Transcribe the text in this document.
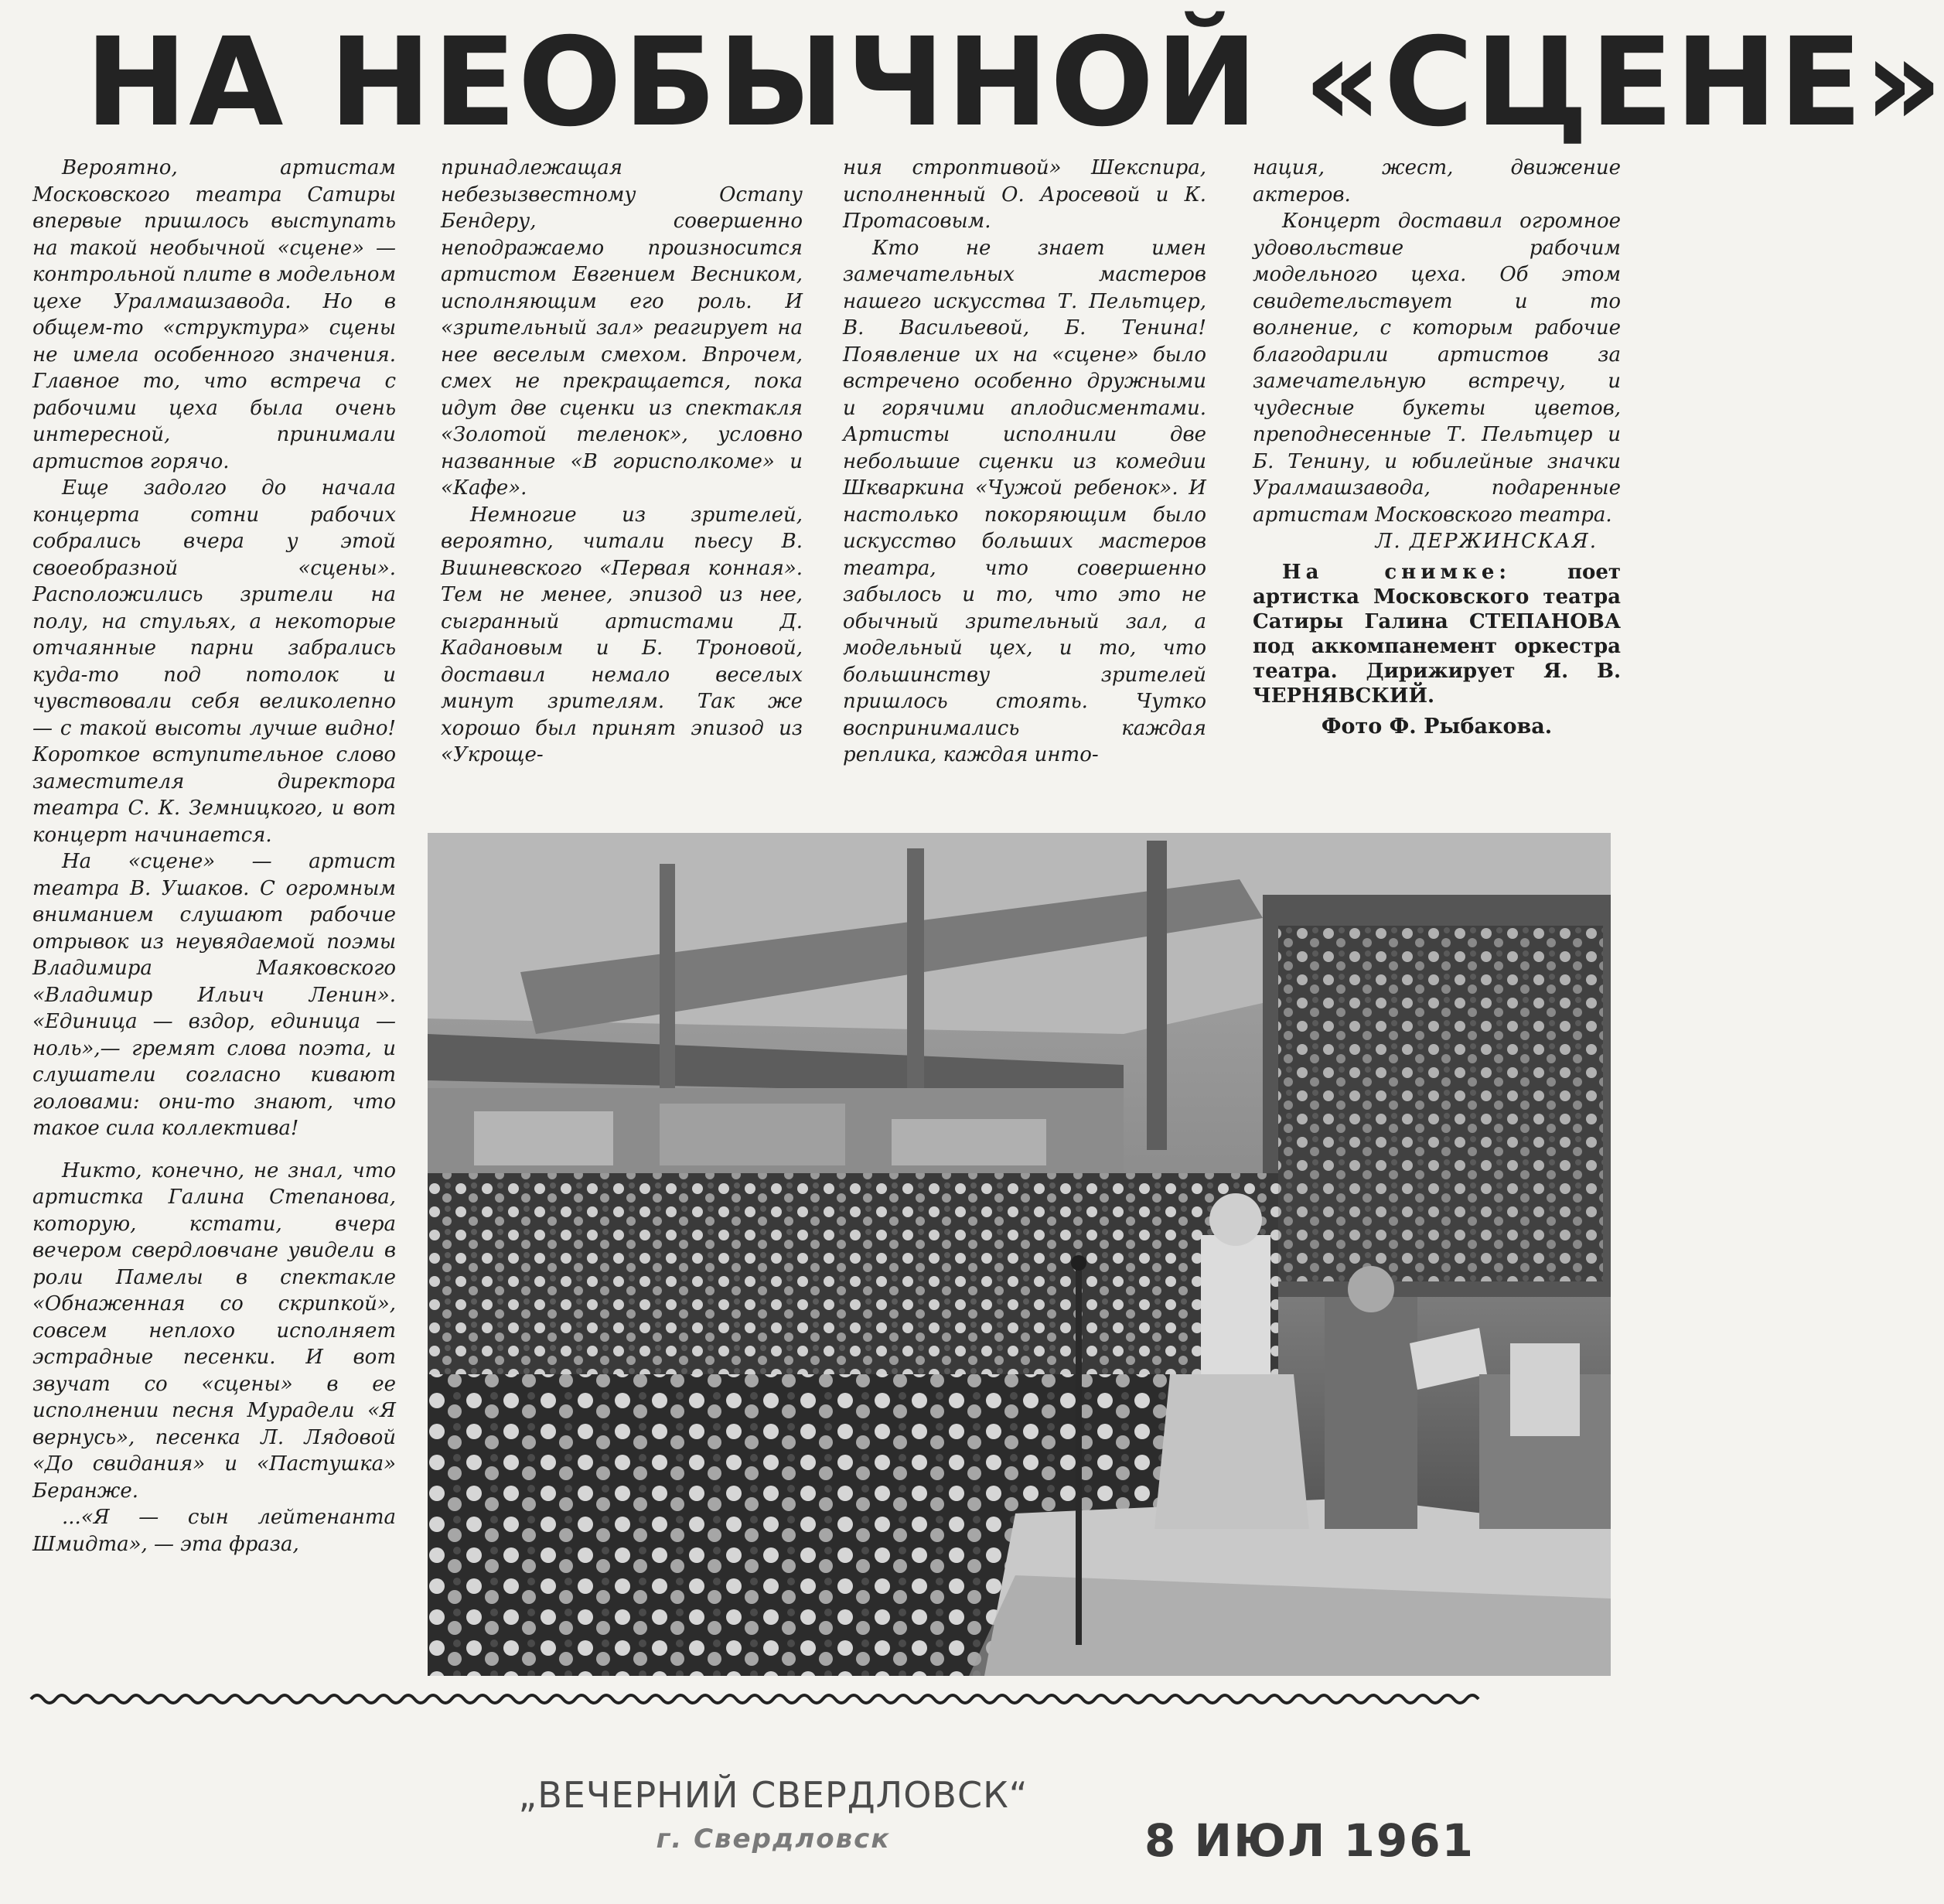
НА НЕОБЫЧНОЙ «СЦЕНЕ»

Вероятно, артистам Московского театра Сатиры впервые пришлось выступать на такой необычной «сцене» — контрольной плите в модельном цехе Уралмашзавода. Но в общем-то «структура» сцены не имела особенного значения. Главное то, что встреча с рабочими цеха была очень интересной, принимали артистов горячо.

Еще задолго до начала концерта сотни рабочих собрались вчера у этой своеобразной «сцены». Расположились зрители на полу, на стульях, а некоторые отчаянные парни забрались куда-то под потолок и чувствовали себя великолепно — с такой высоты лучше видно! Короткое вступительное слово заместителя директора театра С. К. Земницкого, и вот концерт начинается.

На «сцене» — артист театра В. Ушаков. С огромным вниманием слушают рабочие отрывок из неувядаемой поэмы Владимира Маяковского «Владимир Ильич Ленин». «Единица — вздор, единица — ноль»,— гремят слова поэта, и слушатели согласно кивают головами: они-то знают, что такое сила коллектива!

Никто, конечно, не знал, что артистка Галина Степанова, которую, кстати, вчера вечером свердловчане увидели в роли Памелы в спектакле «Обнаженная со скрипкой», совсем неплохо исполняет эстрадные песенки. И вот звучат со «сцены» в ее исполнении песня Мурадели «Я вернусь», песенка Л. Лядовой «До свидания» и «Пастушка» Беранже.

...«Я — сын лейтенанта Шмидта», — эта фраза,

принадлежащая небезызвестному Остапу Бендеру, совершенно неподражаемо произносится артистом Евгением Весником, исполняющим его роль. И «зрительный зал» реагирует на нее веселым смехом. Впрочем, смех не прекращается, пока идут две сценки из спектакля «Золотой теленок», условно названные «В горисполкоме» и «Кафе».

Немногие из зрителей, вероятно, читали пьесу В. Вишневского «Первая конная». Тем не менее, эпизод из нее, сыгранный артистами Д. Кадановым и Б. Троновой, доставил немало веселых минут зрителям. Так же хорошо был принят эпизод из «Укроще-

ния строптивой» Шекспира, исполненный О. Аросевой и К. Протасовым.

Кто не знает имен замечательных мастеров нашего искусства Т. Пельтцер, В. Васильевой, Б. Тенина! Появление их на «сцене» было встречено особенно дружными и горячими аплодисментами. Артисты исполнили две небольшие сценки из комедии Шкваркина «Чужой ребенок». И настолько покоряющим было искусство больших мастеров театра, что совершенно забылось и то, что это не обычный зрительный зал, а модельный цех, и то, что большинству зрителей пришлось стоять. Чутко воспринимались каждая реплика, каждая инто-

нация, жест, движение актеров.

Концерт доставил огромное удовольствие рабочим модельного цеха. Об этом свидетельствует и то волнение, с которым рабочие благодарили артистов за замечательную встречу, и чудесные букеты цветов, преподнесенные Т. Пельтцер и Б. Тенину, и юбилейные значки Уралмашзавода, подаренные артистам Московского театра.

Л. ДЕРЖИНСКАЯ.

На снимке:	поет артистка Московского театра Сатиры Галина СТЕПАНОВА под аккомпанемент оркестра театра. Дирижирует Я. В. ЧЕРНЯВСКИЙ.
Фото Ф. Рыбакова.
„ВЕЧЕРНИЙ СВЕРДЛОВСК“
г. Свердловск	8 ИЮЛ 1961
